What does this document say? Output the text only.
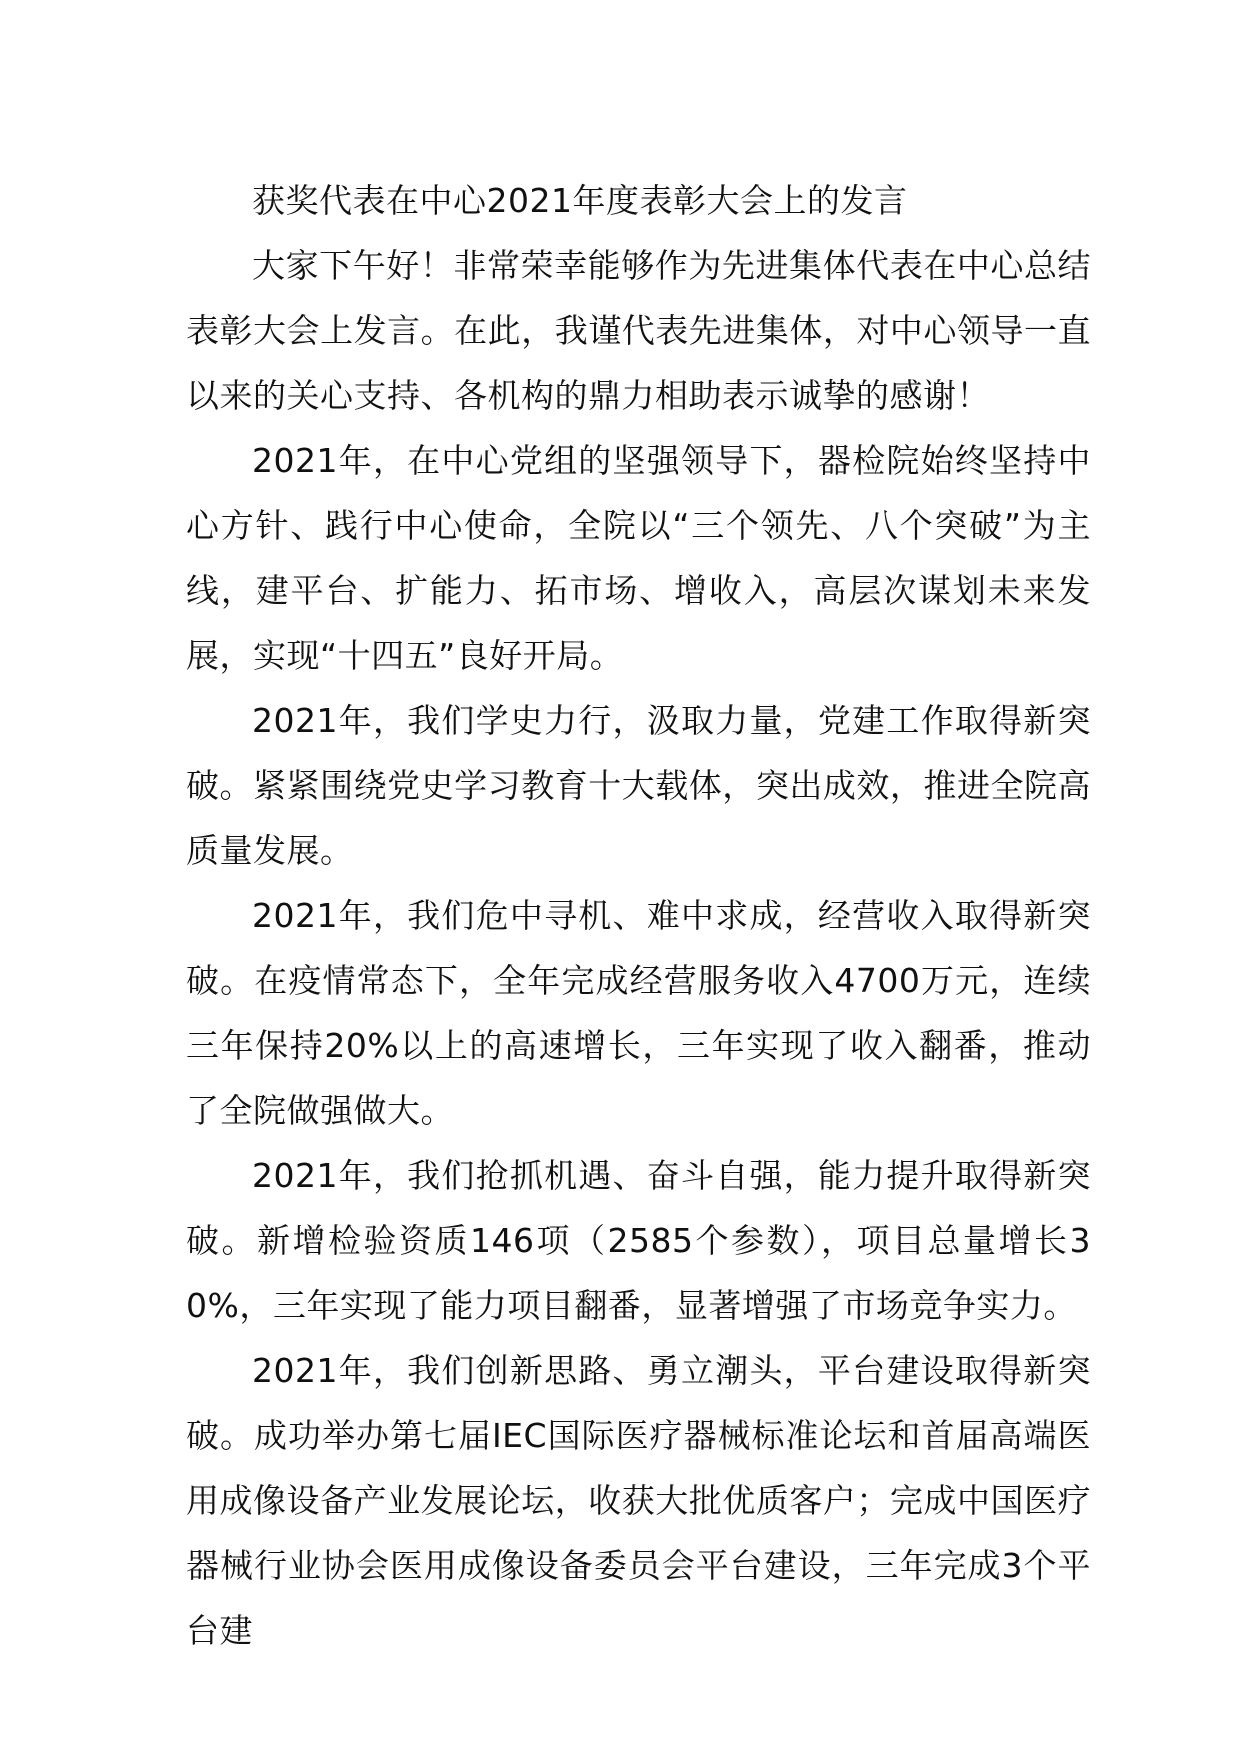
获奖代表在中心2021年度表彰大会上的发言

大家下午好！非常荣幸能够作为先进集体代表在中心总结表彰大会上发言。在此，我谨代表先进集体，对中心领导一直以来的关心支持、各机构的鼎力相助表示诚挚的感谢！

2021年，在中心党组的坚强领导下，器检院始终坚持中心方针、践行中心使命，全院以“三个领先、八个突破”为主线，建平台、扩能力、拓市场、增收入，高层次谋划未来发展，实现“十四五”良好开局。

2021年，我们学史力行，汲取力量，党建工作取得新突破。紧紧围绕党史学习教育十大载体，突出成效，推进全院高质量发展。

2021年，我们危中寻机、难中求成，经营收入取得新突破。在疫情常态下，全年完成经营服务收入4700万元，连续三年保持20%以上的高速增长，三年实现了收入翻番，推动了全院做强做大。

2021年，我们抢抓机遇、奋斗自强，能力提升取得新突破。新增检验资质146项（2585个参数），项目总量增长30%，三年实现了能力项目翻番，显著增强了市场竞争实力。

2021年，我们创新思路、勇立潮头，平台建设取得新突破。成功举办第七届IEC国际医疗器械标准论坛和首届高端医用成像设备产业发展论坛，收获大批优质客户；完成中国医疗器械行业协会医用成像设备委员会平台建设，三年完成3个平台建
